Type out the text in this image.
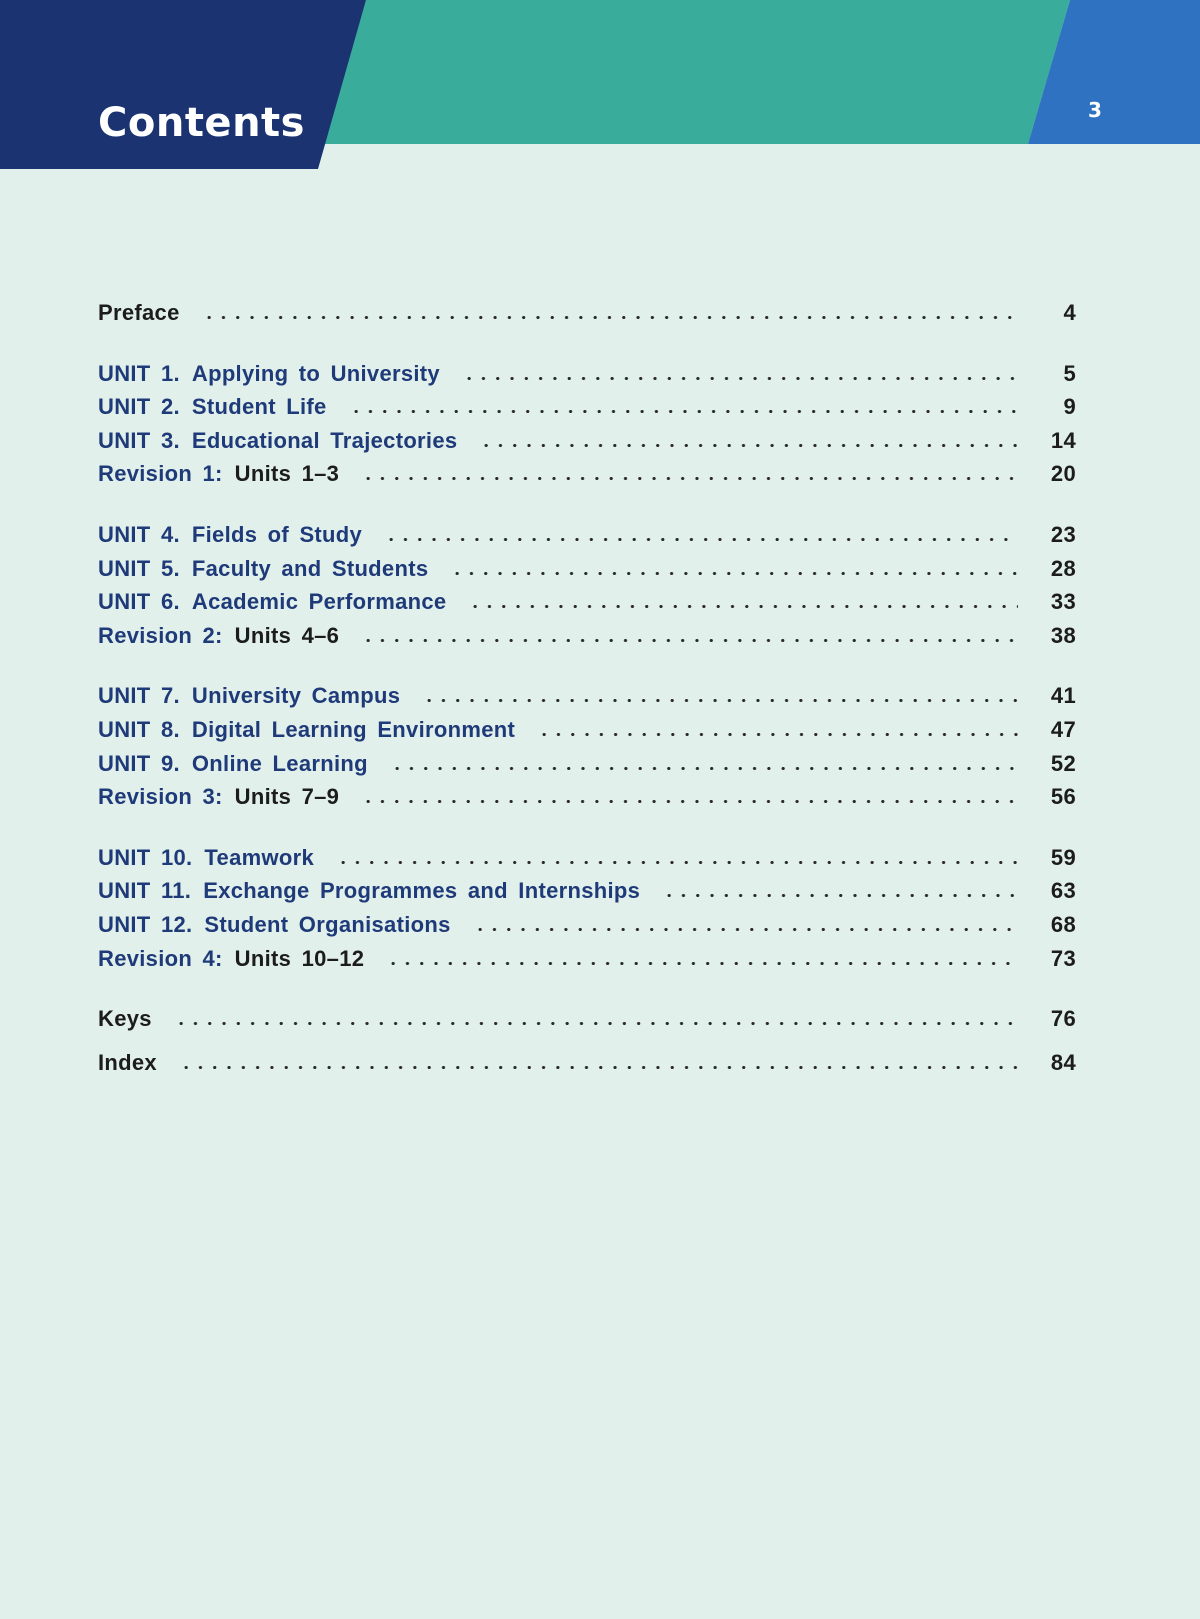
Contents	3
Preface	4
UNIT 1. Applying to University	5
UNIT 2. Student Life	9
UNIT 3. Educational Trajectories	14
Revision 1: Units 1–3	20
UNIT 4. Fields of Study	23
UNIT 5. Faculty and Students	28
UNIT 6. Academic Performance	33
Revision 2: Units 4–6	38
UNIT 7. University Campus	41
UNIT 8. Digital Learning Environment	47
UNIT 9. Online Learning	52
Revision 3: Units 7–9	56
UNIT 10. Teamwork	59
UNIT 11. Exchange Programmes and Internships	63
UNIT 12. Student Organisations	68
Revision 4: Units 10–12	73
Keys	76
Index	84
